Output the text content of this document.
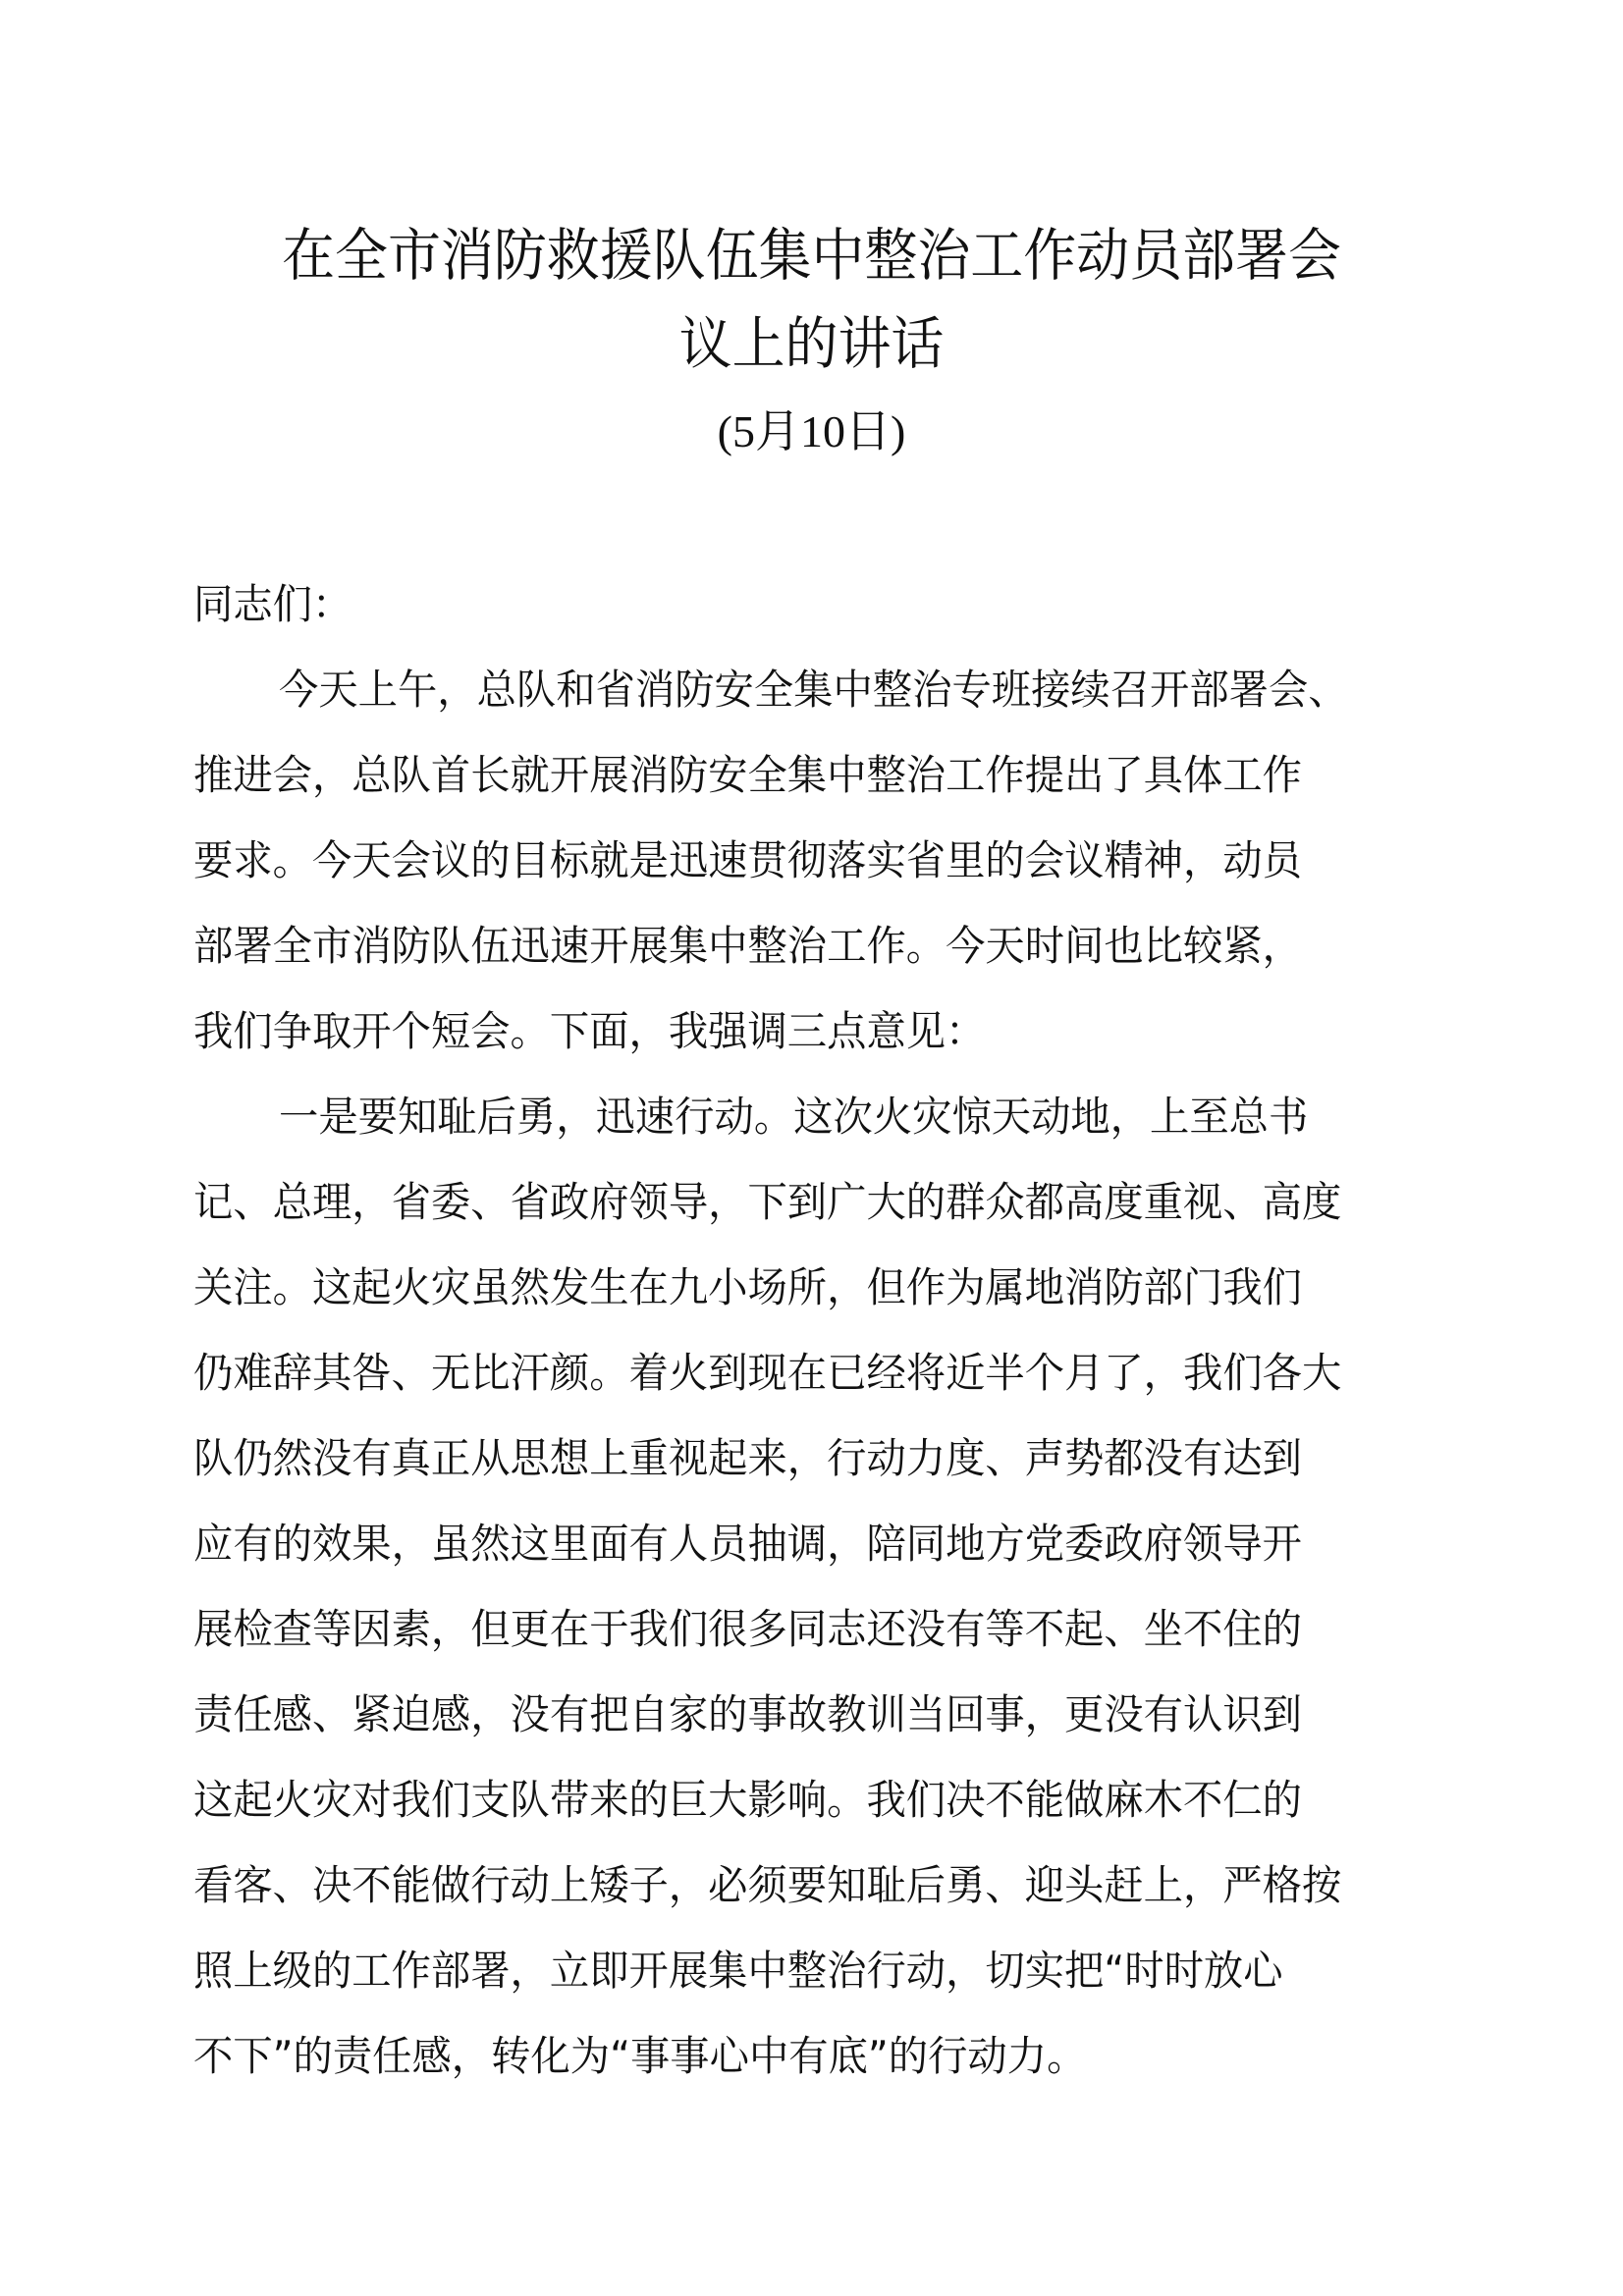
在全市消防救援队伍集中整治工作动员部署会
议上的讲话
(5月10日)
同志们：
今天上午，总队和省消防安全集中整治专班接续召开部署会、
推进会，总队首长就开展消防安全集中整治工作提出了具体工作
要求。今天会议的目标就是迅速贯彻落实省里的会议精神，动员
部署全市消防队伍迅速开展集中整治工作。今天时间也比较紧，
我们争取开个短会。下面，我强调三点意见：
一是要知耻后勇，迅速行动。这次火灾惊天动地，上至总书
记、总理，省委、省政府领导，下到广大的群众都高度重视、高度
关注。这起火灾虽然发生在九小场所，但作为属地消防部门我们
仍难辞其咎、无比汗颜。着火到现在已经将近半个月了，我们各大
队仍然没有真正从思想上重视起来，行动力度、声势都没有达到
应有的效果，虽然这里面有人员抽调，陪同地方党委政府领导开
展检查等因素，但更在于我们很多同志还没有等不起、坐不住的
责任感、紧迫感，没有把自家的事故教训当回事，更没有认识到
这起火灾对我们支队带来的巨大影响。我们决不能做麻木不仁的
看客、决不能做行动上矮子，必须要知耻后勇、迎头赶上，严格按
照上级的工作部署，立即开展集中整治行动，切实把“时时放心
不下”的责任感，转化为“事事心中有底”的行动力。
